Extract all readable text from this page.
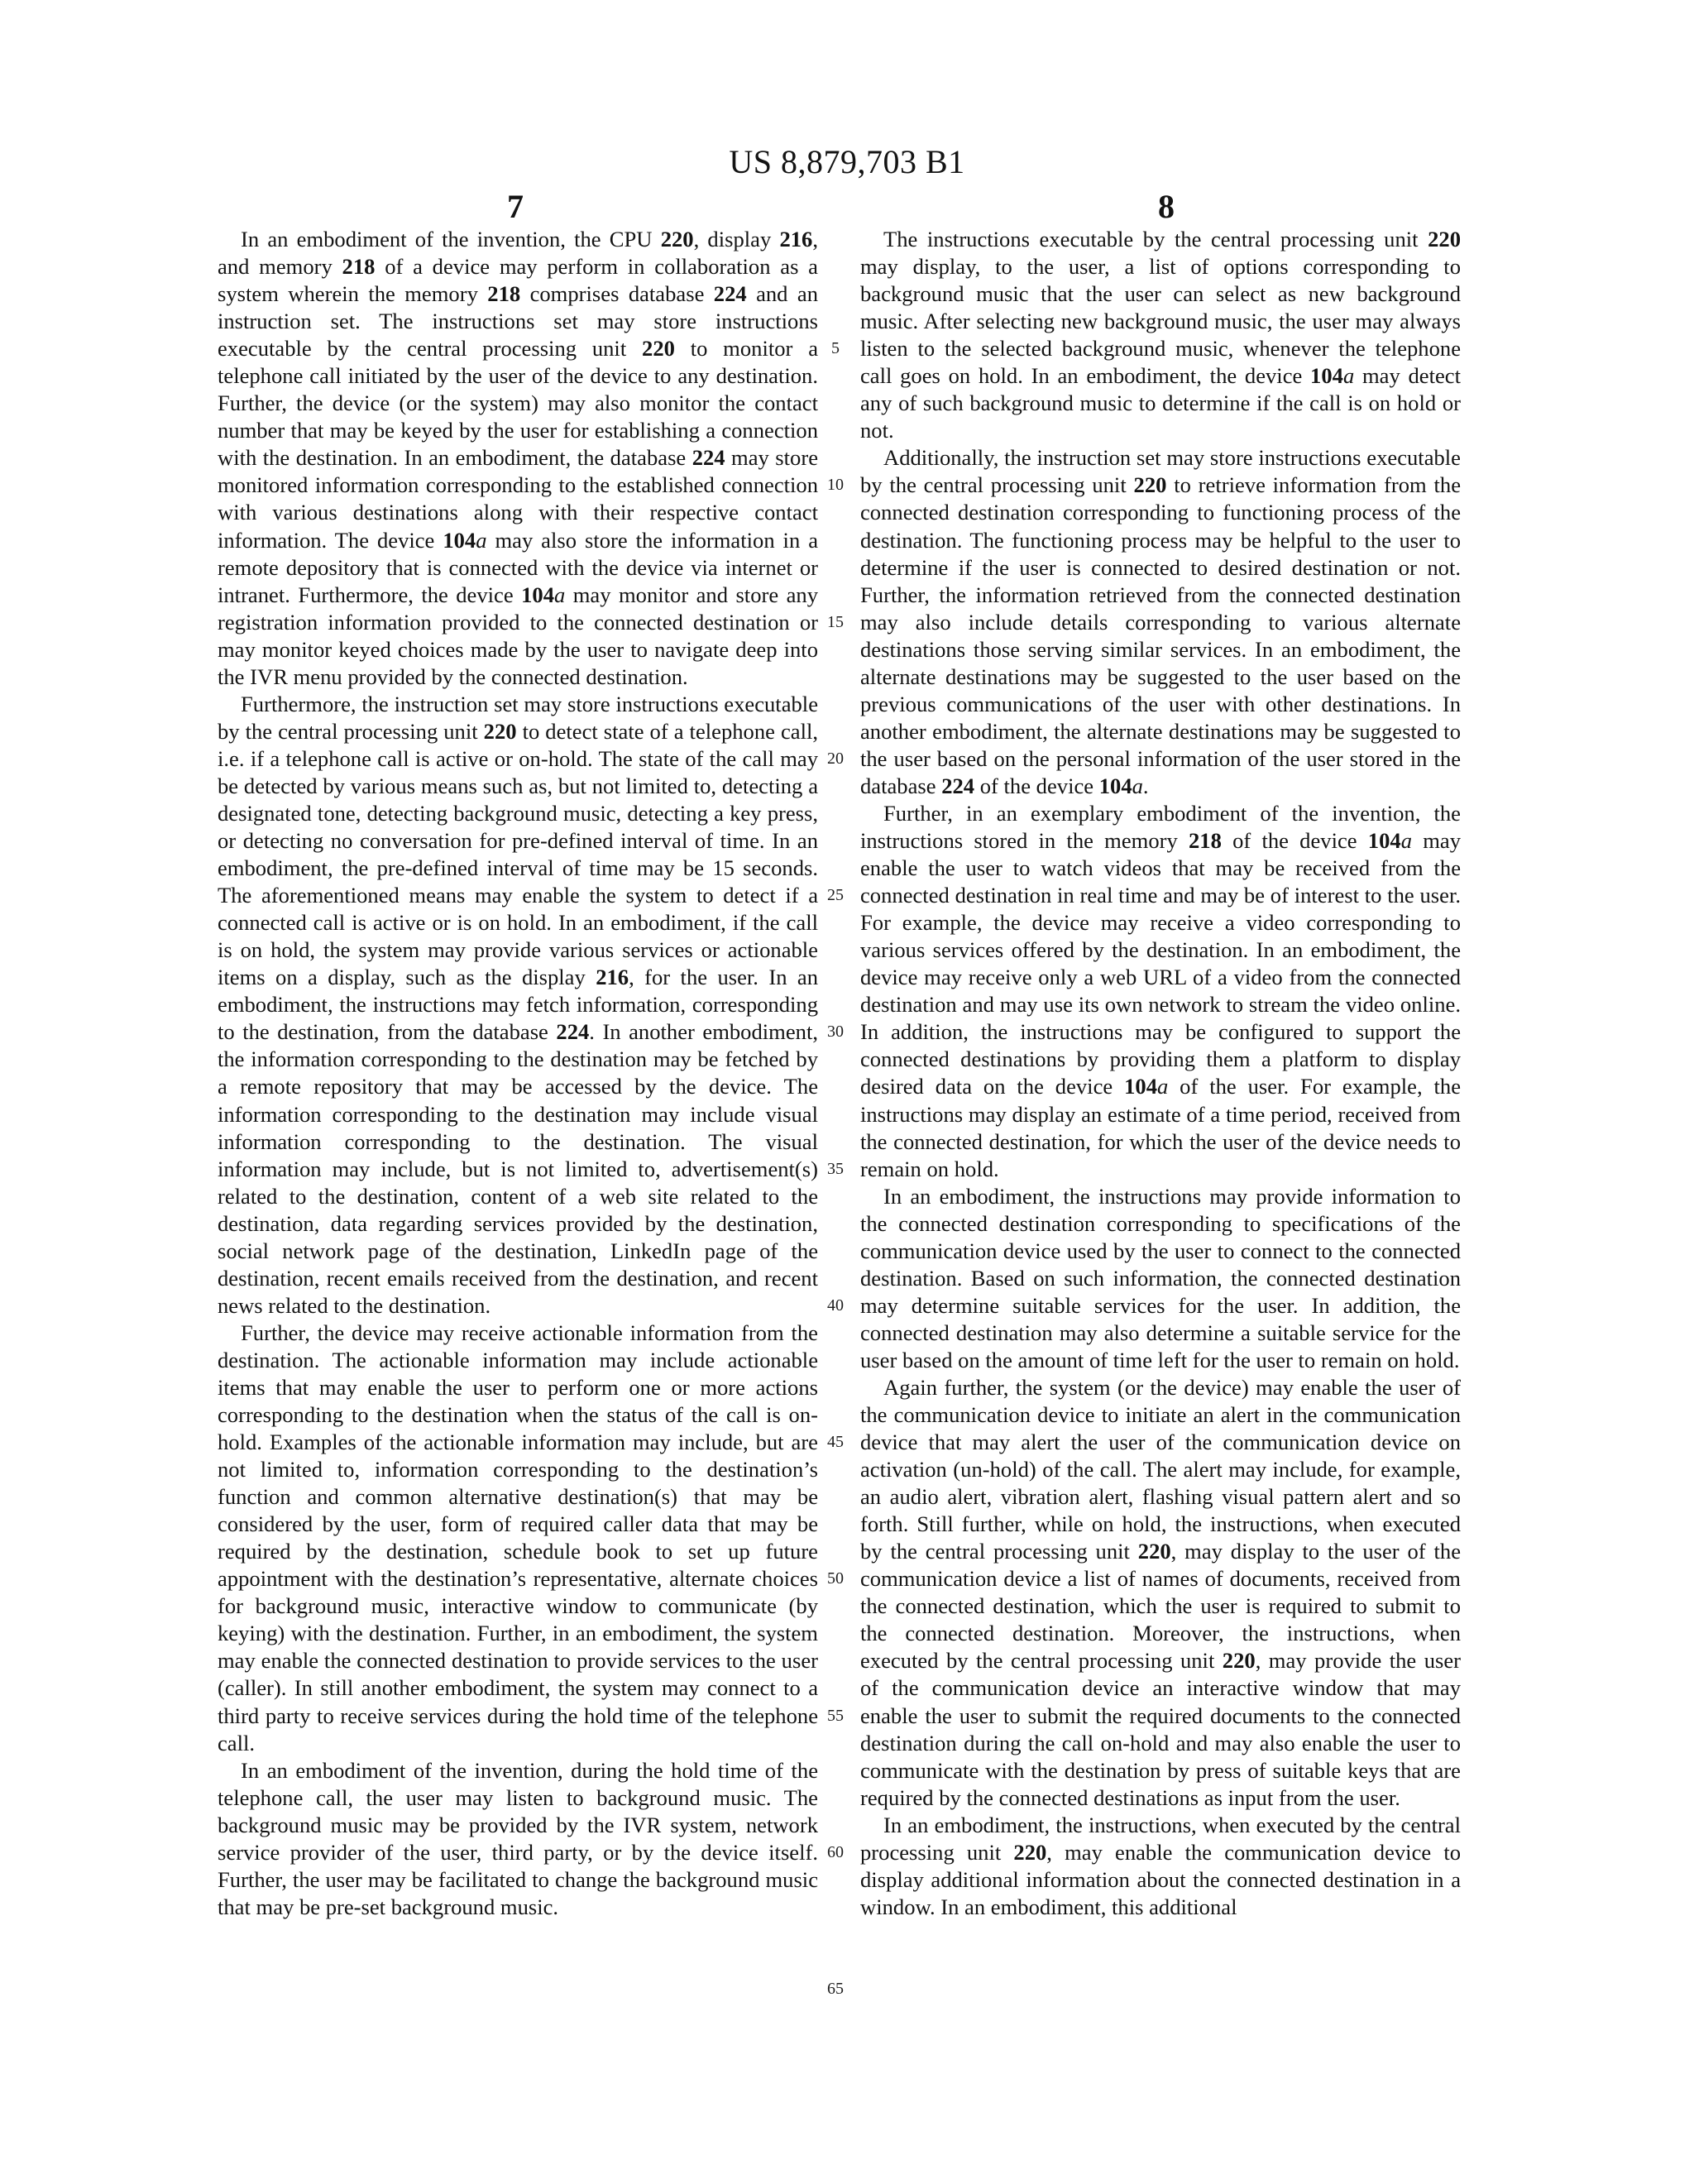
US 8,879,703 B1
7	8

In an embodiment of the invention, the CPU 220, display 216, and memory 218 of a device may perform in collaboration as a system wherein the memory 218 comprises database 224 and an instruction set. The instructions set may store instructions executable by the central processing unit 220 to monitor a telephone call initiated by the user of the device to any destination. Further, the device (or the system) may also monitor the contact number that may be keyed by the user for establishing a connection with the destination. In an embodiment, the database 224 may store monitored information corresponding to the established connection with various destinations along with their respective contact information. The device 104a may also store the information in a remote depository that is connected with the device via internet or intranet. Furthermore, the device 104a may monitor and store any registration information provided to the connected destination or may monitor keyed choices made by the user to navigate deep into the IVR menu provided by the connected destination.

Furthermore, the instruction set may store instructions executable by the central processing unit 220 to detect state of a telephone call, i.e. if a telephone call is active or on-hold. The state of the call may be detected by various means such as, but not limited to, detecting a designated tone, detecting background music, detecting a key press, or detecting no conversation for pre-defined interval of time. In an embodiment, the pre-defined interval of time may be 15 seconds. The aforementioned means may enable the system to detect if a connected call is active or is on hold. In an embodiment, if the call is on hold, the system may provide various services or actionable items on a display, such as the display 216, for the user. In an embodiment, the instructions may fetch information, corresponding to the destination, from the database 224. In another embodiment, the information corresponding to the destination may be fetched by a remote repository that may be accessed by the device. The information corresponding to the destination may include visual information corresponding to the destination. The visual information may include, but is not limited to, advertisement(s) related to the destination, content of a web site related to the destination, data regarding services provided by the destination, social network page of the destination, LinkedIn page of the destination, recent emails received from the destination, and recent news related to the destination.

Further, the device may receive actionable information from the destination. The actionable information may include actionable items that may enable the user to perform one or more actions corresponding to the destination when the status of the call is on-hold. Examples of the actionable information may include, but are not limited to, information corresponding to the destination’s function and common alternative destination(s) that may be considered by the user, form of required caller data that may be required by the destination, schedule book to set up future appointment with the destination’s representative, alternate choices for background music, interactive window to communicate (by keying) with the destination. Further, in an embodiment, the system may enable the connected destination to provide services to the user (caller). In still another embodiment, the system may connect to a third party to receive services during the hold time of the telephone call.

In an embodiment of the invention, during the hold time of the telephone call, the user may listen to background music. The background music may be provided by the IVR system, network service provider of the user, third party, or by the device itself. Further, the user may be facilitated to change the background music that may be pre-set background music.

5
10
15
20
25
30
35
40
45
50
55
60
65

The instructions executable by the central processing unit 220 may display, to the user, a list of options corresponding to background music that the user can select as new background music. After selecting new background music, the user may always listen to the selected background music, whenever the telephone call goes on hold. In an embodiment, the device 104a may detect any of such background music to determine if the call is on hold or not.

Additionally, the instruction set may store instructions executable by the central processing unit 220 to retrieve information from the connected destination corresponding to functioning process of the destination. The functioning process may be helpful to the user to determine if the user is connected to desired destination or not. Further, the information retrieved from the connected destination may also include details corresponding to various alternate destinations those serving similar services. In an embodiment, the alternate destinations may be suggested to the user based on the previous communications of the user with other destinations. In another embodiment, the alternate destinations may be suggested to the user based on the personal information of the user stored in the database 224 of the device 104a.

Further, in an exemplary embodiment of the invention, the instructions stored in the memory 218 of the device 104a may enable the user to watch videos that may be received from the connected destination in real time and may be of interest to the user. For example, the device may receive a video corresponding to various services offered by the destination. In an embodiment, the device may receive only a web URL of a video from the connected destination and may use its own network to stream the video online. In addition, the instructions may be configured to support the connected destinations by providing them a platform to display desired data on the device 104a of the user. For example, the instructions may display an estimate of a time period, received from the connected destination, for which the user of the device needs to remain on hold.

In an embodiment, the instructions may provide information to the connected destination corresponding to specifications of the communication device used by the user to connect to the connected destination. Based on such information, the connected destination may determine suitable services for the user. In addition, the connected destination may also determine a suitable service for the user based on the amount of time left for the user to remain on hold.

Again further, the system (or the device) may enable the user of the communication device to initiate an alert in the communication device that may alert the user of the communication device on activation (un-hold) of the call. The alert may include, for example, an audio alert, vibration alert, flashing visual pattern alert and so forth. Still further, while on hold, the instructions, when executed by the central processing unit 220, may display to the user of the communication device a list of names of documents, received from the connected destination, which the user is required to submit to the connected destination. Moreover, the instructions, when executed by the central processing unit 220, may provide the user of the communication device an interactive window that may enable the user to submit the required documents to the connected destination during the call on-hold and may also enable the user to communicate with the destination by press of suitable keys that are required by the connected destinations as input from the user.

In an embodiment, the instructions, when executed by the central processing unit 220, may enable the communication device to display additional information about the connected destination in a window. In an embodiment, this additional
